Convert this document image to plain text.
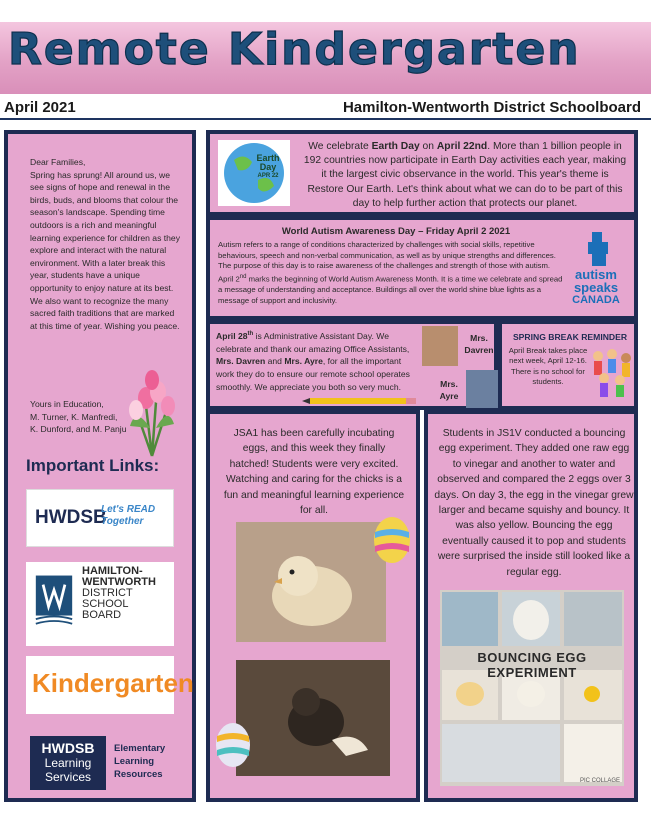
Remote Kindergarten
April 2021	Hamilton-Wentworth District Schoolboard

Dear Families,

Spring has sprung! All around us, we see signs of hope and renewal in the birds, buds, and blooms that colour the season's landscape. Spending time outdoors is a rich and meaningful learning experience for children as they explore and interact with the natural environment. With a later break this year, students have a unique opportunity to enjoy nature at its best.

We also want to recognize the many sacred faith traditions that are marked at this time of year. Wishing you peace.

Yours in Education,

M. Turner, K. Manfredi,

K. Dunford, and M. Panju

Important Links:
HWDSB
Let's READ Together
HAMILTON-
WENTWORTH
DISTRICT
SCHOOL
BOARD
Kindergarten
HWDSB
Learning
Services
Elementary
Learning
Resources
Earth
Day
APR 22
We celebrate Earth Day on April 22nd. More than 1 billion people in 192 countries now participate in Earth Day activities each year, making it the largest civic observance in the world. This year's theme is Restore Our Earth. Let's think about what we can do to be part of this day to help further action that protects our planet.
World Autism Awareness Day – Friday April 2 2021
Autism refers to a range of conditions characterized by challenges with social skills, repetitive behaviours, speech and non-verbal communication, as well as by unique strengths and differences. The purpose of this day is to raise awareness of the challenges and strength of those with autism. April 2nd marks the beginning of World Autism Awareness Month. It is a time we celebrate and spread a message of understanding and acceptance. Buildings all over the world shine blue lights as a message of support and inclusivity.
autism speaks
CANADA
April 28th is Administrative Assistant Day. We celebrate and thank our amazing Office Assistants, Mrs. Davren and Mrs. Ayre, for all the important work they do to ensure our remote school operates smoothly. We appreciate you both so very much.
Mrs.
Davren
Mrs.
Ayre
SPRING BREAK REMINDER
April Break takes place next week, April 12-16. There is no school for students.
JSA1 has been carefully incubating eggs, and this week they finally hatched! Students were very excited. Watching and caring for the chicks is a fun and meaningful learning experience for all.
Students in JS1V conducted a bouncing egg experiment. They added one raw egg to vinegar and another to water and observed and compared the 2 eggs over 3 days. On day 3, the egg in the vinegar grew larger and became squishy and bouncy. It was also yellow. Bouncing the egg eventually caused it to pop and students were surprised the inside still looked like a regular egg.
BOUNCING EGG EXPERIMENT
PIC COLLAGE
